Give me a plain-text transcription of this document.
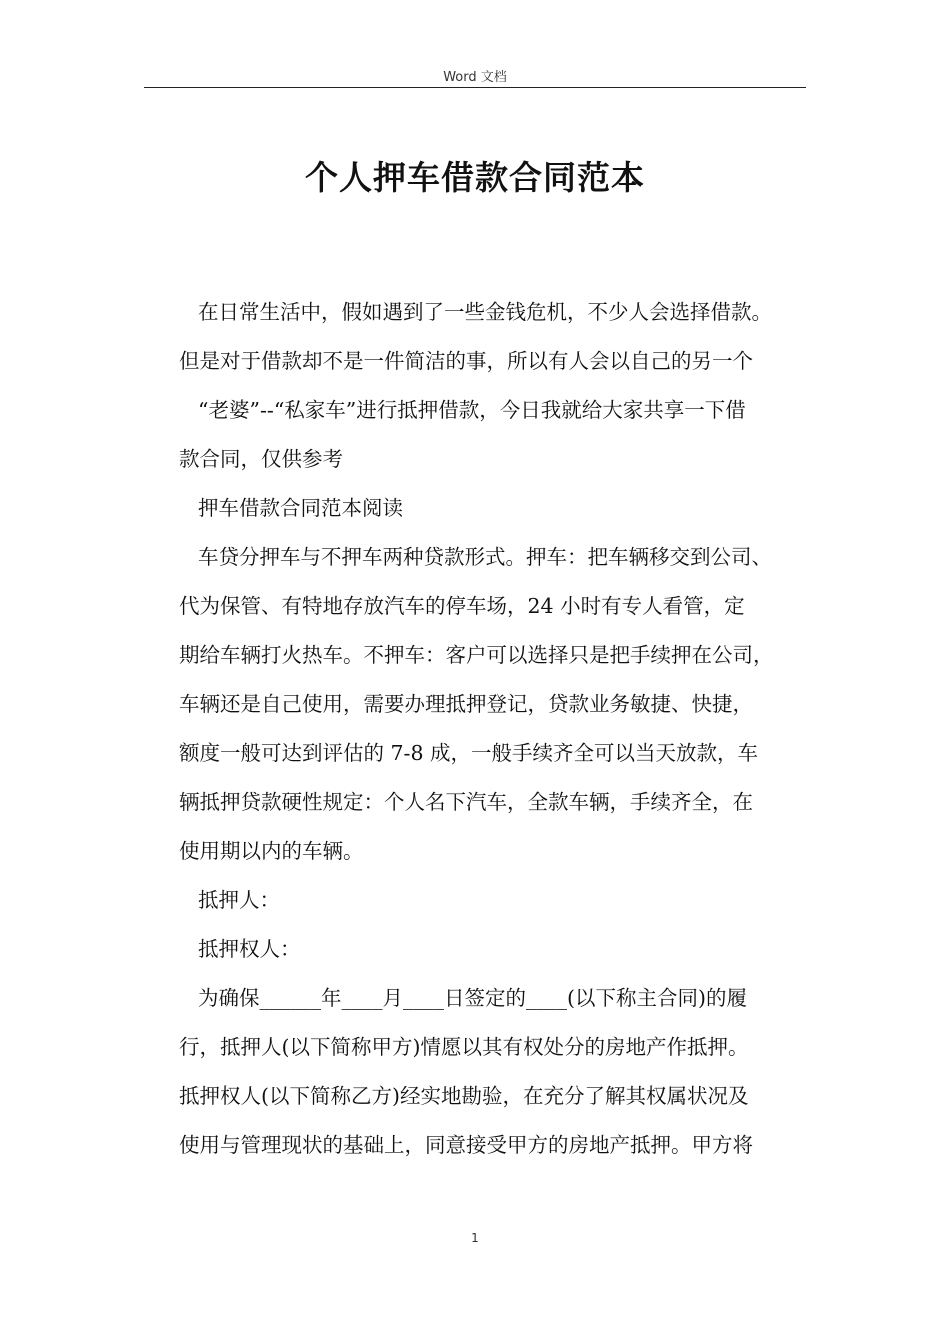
Word 文档
个人押车借款合同范本
在日常生活中，假如遇到了一些金钱危机，不少人会选择借款。
但是对于借款却不是一件简洁的事，所以有人会以自己的另一个
“老婆”--“私家车”进行抵押借款，今日我就给大家共享一下借
款合同，仅供参考
押车借款合同范本阅读
车贷分押车与不押车两种贷款形式。押车：把车辆移交到公司、
代为保管、有特地存放汽车的停车场，24 小时有专人看管，定
期给车辆打火热车。不押车：客户可以选择只是把手续押在公司，
车辆还是自己使用，需要办理抵押登记，贷款业务敏捷、快捷，
额度一般可达到评估的 7-8 成，一般手续齐全可以当天放款，车
辆抵押贷款硬性规定：个人名下汽车，全款车辆，手续齐全，在
使用期以内的车辆。
抵押人：
抵押权人：
为确保______年____月____日签定的____(以下称主合同)的履
行，抵押人(以下简称甲方)情愿以其有权处分的房地产作抵押。
抵押权人(以下简称乙方)经实地勘验，在充分了解其权属状况及
使用与管理现状的基础上，同意接受甲方的房地产抵押。甲方将
1
